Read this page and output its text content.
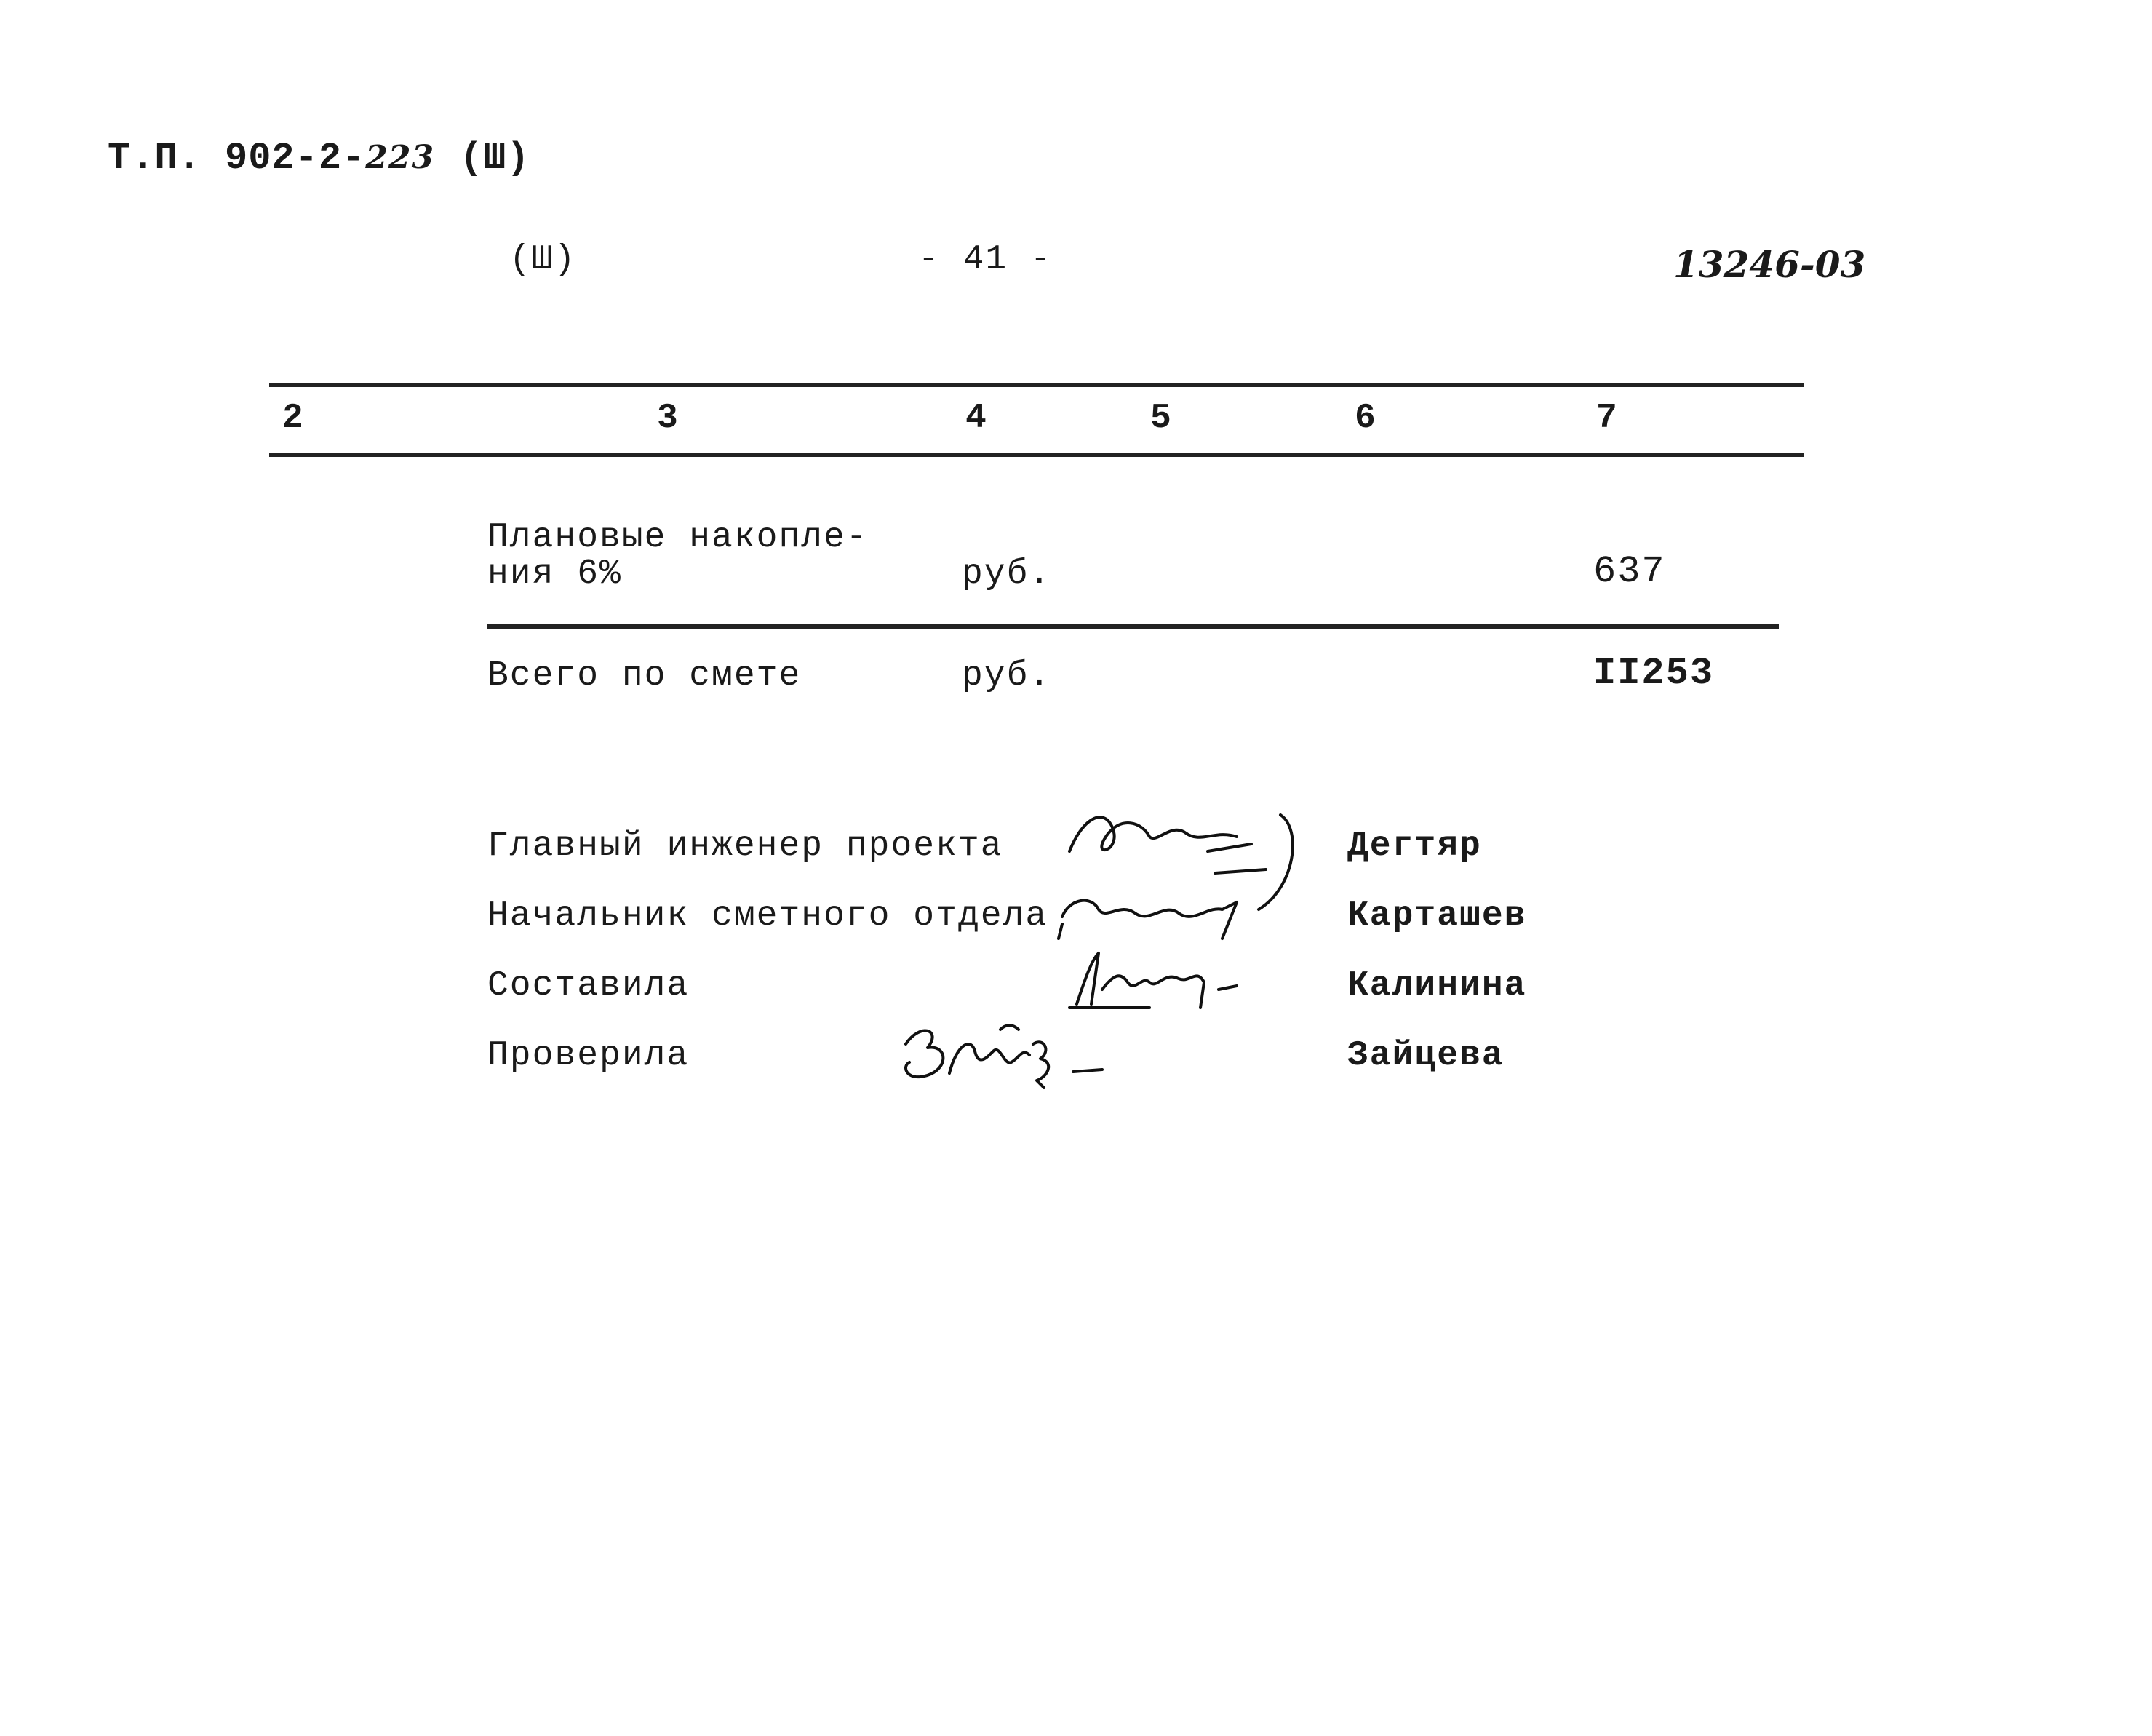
Т.П. 902-2-223 (Ш)
(Ш)	- 41 -	13246-03
2	3	4	5	6	7
Плановые накопле-
ния 6%	руб.	637
Всего по смете	руб.	II253
Главный инженер проекта	Дегтяр
Начальник сметного отдела	Карташев
Составила	Калинина
Проверила	Зайцева
